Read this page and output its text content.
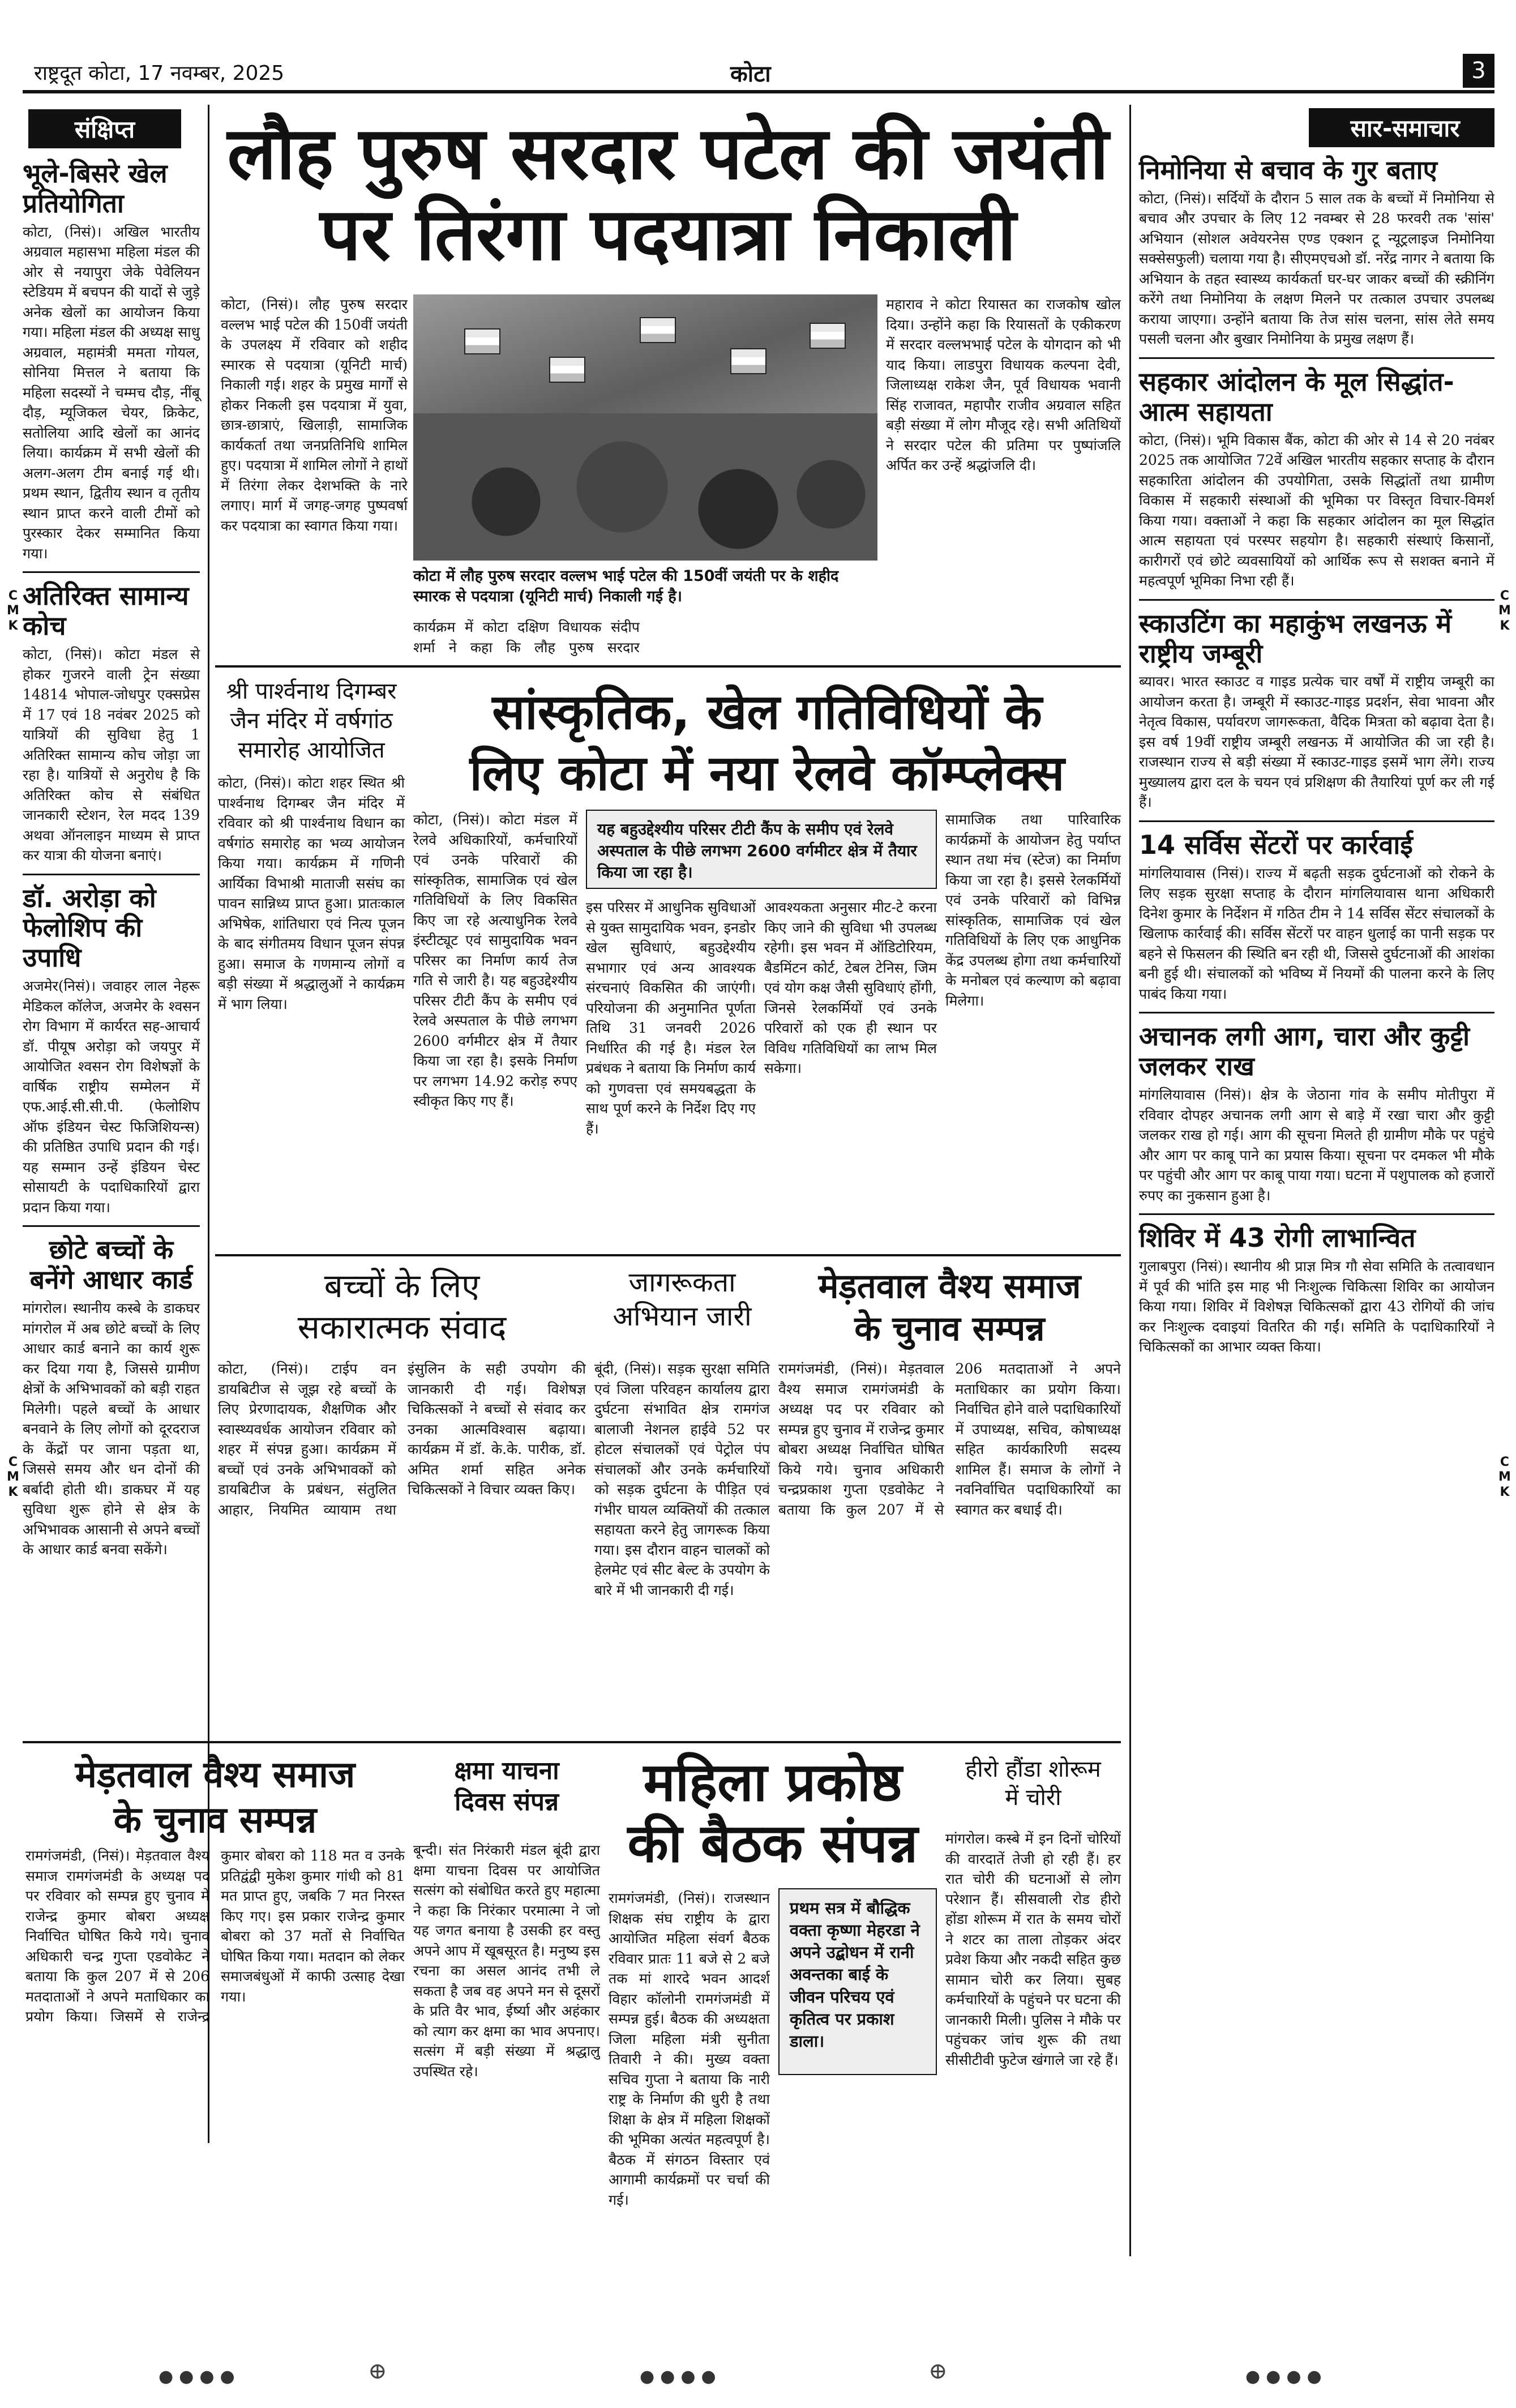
राष्ट्रदूत कोटा, 17 नवम्बर, 2025	कोटा	3
संक्षिप्त
भूले-बिसरे खेल प्रतियोगिता
कोटा, (निसं)। अखिल भारतीय अग्रवाल महासभा महिला मंडल की ओर से नयापुरा जेके पेवेलियन स्टेडियम में बचपन की यादों से जुड़े अनेक खेलों का आयोजन किया गया। महिला मंडल की अध्यक्ष साधु अग्रवाल, महामंत्री ममता गोयल, सोनिया मित्तल ने बताया कि महिला सदस्यों ने चम्मच दौड़, नींबू दौड़, म्यूजिकल चेयर, क्रिकेट, सतोलिया आदि खेलों का आनंद लिया। कार्यक्रम में सभी खेलों की अलग-अलग टीम बनाई गई थी। प्रथम स्थान, द्वितीय स्थान व तृतीय स्थान प्राप्त करने वाली टीमों को पुरस्कार देकर सम्मानित किया गया।
अतिरिक्त सामान्य कोच
कोटा, (निसं)। कोटा मंडल से होकर गुजरने वाली ट्रेन संख्या 14814 भोपाल-जोधपुर एक्सप्रेस में 17 एवं 18 नवंबर 2025 को यात्रियों की सुविधा हेतु 1 अतिरिक्त सामान्य कोच जोड़ा जा रहा है। यात्रियों से अनुरोध है कि अतिरिक्त कोच से संबंधित जानकारी स्टेशन, रेल मदद 139 अथवा ऑनलाइन माध्यम से प्राप्त कर यात्रा की योजना बनाएं।
डॉ. अरोड़ा को फेलोशिप की उपाधि
अजमेर(निसं)। जवाहर लाल नेहरू मेडिकल कॉलेज, अजमेर के श्वसन रोग विभाग में कार्यरत सह-आचार्य डॉ. पीयूष अरोड़ा को जयपुर में आयोजित श्वसन रोग विशेषज्ञों के वार्षिक राष्ट्रीय सम्मेलन में एफ.आई.सी.सी.पी. (फेलोशिप ऑफ इंडियन चेस्ट फिजिशियन्स) की प्रतिष्ठित उपाधि प्रदान की गई। यह सम्मान उन्हें इंडियन चेस्ट सोसायटी के पदाधिकारियों द्वारा प्रदान किया गया।
छोटे बच्चों के बनेंगे आधार कार्ड
मांगरोल। स्थानीय कस्बे के डाकघर मांगरोल में अब छोटे बच्चों के लिए आधार कार्ड बनाने का कार्य शुरू कर दिया गया है, जिससे ग्रामीण क्षेत्रों के अभिभावकों को बड़ी राहत मिलेगी। पहले बच्चों के आधार बनवाने के लिए लोगों को दूरदराज के केंद्रों पर जाना पड़ता था, जिससे समय और धन दोनों की बर्बादी होती थी। डाकघर में यह सुविधा शुरू होने से क्षेत्र के अभिभावक आसानी से अपने बच्चों के आधार कार्ड बनवा सकेंगे।
लौह पुरुष सरदार पटेल की जयंती
पर तिरंगा पदयात्रा निकाली
कोटा, (निसं)। लौह पुरुष सरदार वल्लभ भाई पटेल की 150वीं जयंती के उपलक्ष्य में रविवार को शहीद स्मारक से पदयात्रा (यूनिटी मार्च) निकाली गई। शहर के प्रमुख मार्गों से होकर निकली इस पदयात्रा में युवा, छात्र-छात्राएं, खिलाड़ी, सामाजिक कार्यकर्ता तथा जनप्रतिनिधि शामिल हुए। पदयात्रा में शामिल लोगों ने हाथों में तिरंगा लेकर देशभक्ति के नारे लगाए। मार्ग में जगह-जगह पुष्पवर्षा कर पदयात्रा का स्वागत किया गया।
कोटा में लौह पुरुष सरदार वल्लभ भाई पटेल की 150वीं जयंती पर के शहीद स्मारक से पदयात्रा (यूनिटी मार्च) निकाली गई है।
कार्यक्रम में कोटा दक्षिण विधायक संदीप शर्मा ने कहा कि लौह पुरुष सरदार
महाराव ने कोटा रियासत का राजकोष खोल दिया। उन्होंने कहा कि रियासतों के एकीकरण में सरदार वल्लभभाई पटेल के योगदान को भी याद किया। लाडपुरा विधायक कल्पना देवी, जिलाध्यक्ष राकेश जैन, पूर्व विधायक भवानी सिंह राजावत, महापौर राजीव अग्रवाल सहित बड़ी संख्या में लोग मौजूद रहे। सभी अतिथियों ने सरदार पटेल की प्रतिमा पर पुष्पांजलि अर्पित कर उन्हें श्रद्धांजलि दी।
श्री पार्श्वनाथ दिगम्बर जैन मंदिर में वर्षगांठ समारोह आयोजित
कोटा, (निसं)। कोटा शहर स्थित श्री पार्श्वनाथ दिगम्बर जैन मंदिर में रविवार को श्री पार्श्वनाथ विधान का वर्षगांठ समारोह का भव्य आयोजन किया गया। कार्यक्रम में गणिनी आर्यिका विभाश्री माताजी ससंघ का पावन सान्निध्य प्राप्त हुआ। प्रातःकाल अभिषेक, शांतिधारा एवं नित्य पूजन के बाद संगीतमय विधान पूजन संपन्न हुआ। समाज के गणमान्य लोगों व बड़ी संख्या में श्रद्धालुओं ने कार्यक्रम में भाग लिया।
सांस्कृतिक, खेल गतिविधियों के
लिए कोटा में नया रेलवे कॉम्प्लेक्स
कोटा, (निसं)। कोटा मंडल में रेलवे अधिकारियों, कर्मचारियों एवं उनके परिवारों की सांस्कृतिक, सामाजिक एवं खेल गतिविधियों के लिए विकसित किए जा रहे अत्याधुनिक रेलवे इंस्टीट्यूट एवं सामुदायिक भवन परिसर का निर्माण कार्य तेज गति से जारी है। यह बहुउद्देश्यीय परिसर टीटी कैंप के समीप एवं रेलवे अस्पताल के पीछे लगभग 2600 वर्गमीटर क्षेत्र में तैयार किया जा रहा है। इसके निर्माण पर लगभग 14.92 करोड़ रुपए स्वीकृत किए गए हैं।
यह बहुउद्देश्यीय परिसर टीटी कैंप के समीप एवं रेलवे अस्पताल के पीछे लगभग 2600 वर्गमीटर क्षेत्र में तैयार किया जा रहा है।
इस परिसर में आधुनिक सुविधाओं से युक्त सामुदायिक भवन, इनडोर खेल सुविधाएं, बहुउद्देश्यीय सभागार एवं अन्य आवश्यक संरचनाएं विकसित की जाएंगी। परियोजना की अनुमानित पूर्णता तिथि 31 जनवरी 2026 निर्धारित की गई है। मंडल रेल प्रबंधक ने बताया कि निर्माण कार्य को गुणवत्ता एवं समयबद्धता के साथ पूर्ण करने के निर्देश दिए गए हैं।
आवश्यकता अनुसार मीट-टे करना किए जाने की सुविधा भी उपलब्ध रहेगी। इस भवन में ऑडिटोरियम, बैडमिंटन कोर्ट, टेबल टेनिस, जिम एवं योग कक्ष जैसी सुविधाएं होंगी, जिनसे रेलकर्मियों एवं उनके परिवारों को एक ही स्थान पर विविध गतिविधियों का लाभ मिल सकेगा।
सामाजिक तथा पारिवारिक कार्यक्रमों के आयोजन हेतु पर्याप्त स्थान तथा मंच (स्टेज) का निर्माण किया जा रहा है। इससे रेलकर्मियों एवं उनके परिवारों को विभिन्न सांस्कृतिक, सामाजिक एवं खेल गतिविधियों के लिए एक आधुनिक केंद्र उपलब्ध होगा तथा कर्मचारियों के मनोबल एवं कल्याण को बढ़ावा मिलेगा।
बच्चों के लिए
सकारात्मक संवाद
कोटा, (निसं)। टाईप वन डायबिटीज से जूझ रहे बच्चों के लिए प्रेरणादायक, शैक्षणिक और स्वास्थ्यवर्धक आयोजन रविवार को शहर में संपन्न हुआ। कार्यक्रम में बच्चों एवं उनके अभिभावकों को डायबिटीज के प्रबंधन, संतुलित आहार, नियमित व्यायाम तथा इंसुलिन के सही उपयोग की जानकारी दी गई। विशेषज्ञ चिकित्सकों ने बच्चों से संवाद कर उनका आत्मविश्वास बढ़ाया। कार्यक्रम में डॉ. के.के. पारीक, डॉ. अमित शर्मा सहित अनेक चिकित्सकों ने विचार व्यक्त किए।
जागरूकता
अभियान जारी
बूंदी, (निसं)। सड़क सुरक्षा समिति एवं जिला परिवहन कार्यालय द्वारा दुर्घटना संभावित क्षेत्र रामगंज बालाजी नेशनल हाईवे 52 पर होटल संचालकों एवं पेट्रोल पंप संचालकों और उनके कर्मचारियों को सड़क दुर्घटना के पीड़ित एवं गंभीर घायल व्यक्तियों की तत्काल सहायता करने हेतु जागरूक किया गया। इस दौरान वाहन चालकों को हेलमेट एवं सीट बेल्ट के उपयोग के बारे में भी जानकारी दी गई।
मेड़तवाल वैश्य समाज
के चुनाव सम्पन्न
रामगंजमंडी, (निसं)। मेड़तवाल वैश्य समाज रामगंजमंडी के अध्यक्ष पद पर रविवार को सम्पन्न हुए चुनाव में राजेन्द्र कुमार बोबरा अध्यक्ष निर्वाचित घोषित किये गये। चुनाव अधिकारी चन्द्रप्रकाश गुप्ता एडवोकेट ने बताया कि कुल 207 में से 206 मतदाताओं ने अपने मताधिकार का प्रयोग किया। निर्वाचित होने वाले पदाधिकारियों में उपाध्यक्ष, सचिव, कोषाध्यक्ष सहित कार्यकारिणी सदस्य शामिल हैं। समाज के लोगों ने नवनिर्वाचित पदाधिकारियों का स्वागत कर बधाई दी।
मेड़तवाल वैश्य समाज
के चुनाव सम्पन्न
रामगंजमंडी, (निसं)। मेड़तवाल वैश्य समाज रामगंजमंडी के अध्यक्ष पद पर रविवार को सम्पन्न हुए चुनाव में राजेन्द्र कुमार बोबरा अध्यक्ष निर्वाचित घोषित किये गये। चुनाव अधिकारी चन्द्र गुप्ता एडवोकेट ने बताया कि कुल 207 में से 206 मतदाताओं ने अपने मताधिकार का प्रयोग किया। जिसमें से राजेन्द्र कुमार बोबरा को 118 मत व उनके प्रतिद्वंद्वी मुकेश कुमार गांधी को 81 मत प्राप्त हुए, जबकि 7 मत निरस्त किए गए। इस प्रकार राजेन्द्र कुमार बोबरा को 37 मतों से निर्वाचित घोषित किया गया। मतदान को लेकर समाजबंधुओं में काफी उत्साह देखा गया।
क्षमा याचना
दिवस संपन्न
बून्दी। संत निरंकारी मंडल बूंदी द्वारा क्षमा याचना दिवस पर आयोजित सत्संग को संबोधित करते हुए महात्मा ने कहा कि निरंकार परमात्मा ने जो यह जगत बनाया है उसकी हर वस्तु अपने आप में खूबसूरत है। मनुष्य इस रचना का असल आनंद तभी ले सकता है जब वह अपने मन से दूसरों के प्रति वैर भाव, ईर्ष्या और अहंकार को त्याग कर क्षमा का भाव अपनाए। सत्संग में बड़ी संख्या में श्रद्धालु उपस्थित रहे।
महिला प्रकोष्ठ
की बैठक संपन्न
रामगंजमंडी, (निसं)। राजस्थान शिक्षक संघ राष्ट्रीय के द्वारा आयोजित महिला संवर्ग बैठक रविवार प्रातः 11 बजे से 2 बजे तक मां शारदे भवन आदर्श विहार कॉलोनी रामगंजमंडी में सम्पन्न हुई। बैठक की अध्यक्षता जिला महिला मंत्री सुनीता तिवारी ने की। मुख्य वक्ता सचिव गुप्ता ने बताया कि नारी राष्ट्र के निर्माण की धुरी है तथा शिक्षा के क्षेत्र में महिला शिक्षकों की भूमिका अत्यंत महत्वपूर्ण है। बैठक में संगठन विस्तार एवं आगामी कार्यक्रमों पर चर्चा की गई।
प्रथम सत्र में बौद्धिक वक्ता कृष्णा मेहरडा ने अपने उद्बोधन में रानी अवन्तका बाई के जीवन परिचय एवं कृतित्व पर प्रकाश डाला।
हीरो हौंडा शोरूम
में चोरी
मांगरोल। कस्बे में इन दिनों चोरियों की वारदातें तेजी हो रही हैं। हर रात चोरी की घटनाओं से लोग परेशान हैं। सीसवाली रोड हीरो होंडा शोरूम में रात के समय चोरों ने शटर का ताला तोड़कर अंदर प्रवेश किया और नकदी सहित कुछ सामान चोरी कर लिया। सुबह कर्मचारियों के पहुंचने पर घटना की जानकारी मिली। पुलिस ने मौके पर पहुंचकर जांच शुरू की तथा सीसीटीवी फुटेज खंगाले जा रहे हैं।
सार-समाचार
निमोनिया से बचाव के गुर बताए
कोटा, (निसं)। सर्दियों के दौरान 5 साल तक के बच्चों में निमोनिया से बचाव और उपचार के लिए 12 नवम्बर से 28 फरवरी तक 'सांस' अभियान (सोशल अवेयरनेस एण्ड एक्शन टू न्यूट्रलाइज निमोनिया सक्सेसफुली) चलाया गया है। सीएमएचओ डॉ. नरेंद्र नागर ने बताया कि अभियान के तहत स्वास्थ्य कार्यकर्ता घर-घर जाकर बच्चों की स्क्रीनिंग करेंगे तथा निमोनिया के लक्षण मिलने पर तत्काल उपचार उपलब्ध कराया जाएगा। उन्होंने बताया कि तेज सांस चलना, सांस लेते समय पसली चलना और बुखार निमोनिया के प्रमुख लक्षण हैं।
सहकार आंदोलन के मूल सिद्धांत-आत्म सहायता
कोटा, (निसं)। भूमि विकास बैंक, कोटा की ओर से 14 से 20 नवंबर 2025 तक आयोजित 72वें अखिल भारतीय सहकार सप्ताह के दौरान सहकारिता आंदोलन की उपयोगिता, उसके सिद्धांतों तथा ग्रामीण विकास में सहकारी संस्थाओं की भूमिका पर विस्तृत विचार-विमर्श किया गया। वक्ताओं ने कहा कि सहकार आंदोलन का मूल सिद्धांत आत्म सहायता एवं परस्पर सहयोग है। सहकारी संस्थाएं किसानों, कारीगरों एवं छोटे व्यवसायियों को आर्थिक रूप से सशक्त बनाने में महत्वपूर्ण भूमिका निभा रही हैं।
स्काउटिंग का महाकुंभ लखनऊ में राष्ट्रीय जम्बूरी
ब्यावर। भारत स्काउट व गाइड प्रत्येक चार वर्षों में राष्ट्रीय जम्बूरी का आयोजन करता है। जम्बूरी में स्काउट-गाइड प्रदर्शन, सेवा भावना और नेतृत्व विकास, पर्यावरण जागरूकता, वैदिक मित्रता को बढ़ावा देता है। इस वर्ष 19वीं राष्ट्रीय जम्बूरी लखनऊ में आयोजित की जा रही है। राजस्थान राज्य से बड़ी संख्या में स्काउट-गाइड इसमें भाग लेंगे। राज्य मुख्यालय द्वारा दल के चयन एवं प्रशिक्षण की तैयारियां पूर्ण कर ली गई हैं।
14 सर्विस सेंटरों पर कार्रवाई
मांगलियावास (निसं)। राज्य में बढ़ती सड़क दुर्घटनाओं को रोकने के लिए सड़क सुरक्षा सप्ताह के दौरान मांगलियावास थाना अधिकारी दिनेश कुमार के निर्देशन में गठित टीम ने 14 सर्विस सेंटर संचालकों के खिलाफ कार्रवाई की। सर्विस सेंटरों पर वाहन धुलाई का पानी सड़क पर बहने से फिसलन की स्थिति बन रही थी, जिससे दुर्घटनाओं की आशंका बनी हुई थी। संचालकों को भविष्य में नियमों की पालना करने के लिए पाबंद किया गया।
अचानक लगी आग, चारा और कुट्टी जलकर राख
मांगलियावास (निसं)। क्षेत्र के जेठाना गांव के समीप मोतीपुरा में रविवार दोपहर अचानक लगी आग से बाड़े में रखा चारा और कुट्टी जलकर राख हो गई। आग की सूचना मिलते ही ग्रामीण मौके पर पहुंचे और आग पर काबू पाने का प्रयास किया। सूचना पर दमकल भी मौके पर पहुंची और आग पर काबू पाया गया। घटना में पशुपालक को हजारों रुपए का नुकसान हुआ है।
शिविर में 43 रोगी लाभान्वित
गुलाबपुरा (निसं)। स्थानीय श्री प्राज्ञ मित्र गौ सेवा समिति के तत्वावधान में पूर्व की भांति इस माह भी निःशुल्क चिकित्सा शिविर का आयोजन किया गया। शिविर में विशेषज्ञ चिकित्सकों द्वारा 43 रोगियों की जांच कर निःशुल्क दवाइयां वितरित की गईं। समिति के पदाधिकारियों ने चिकित्सकों का आभार व्यक्त किया।
C
M
K
C
M
K
C
M
K
C
M
K
●●●●	⊕	●●●●	⊕	●●●●
